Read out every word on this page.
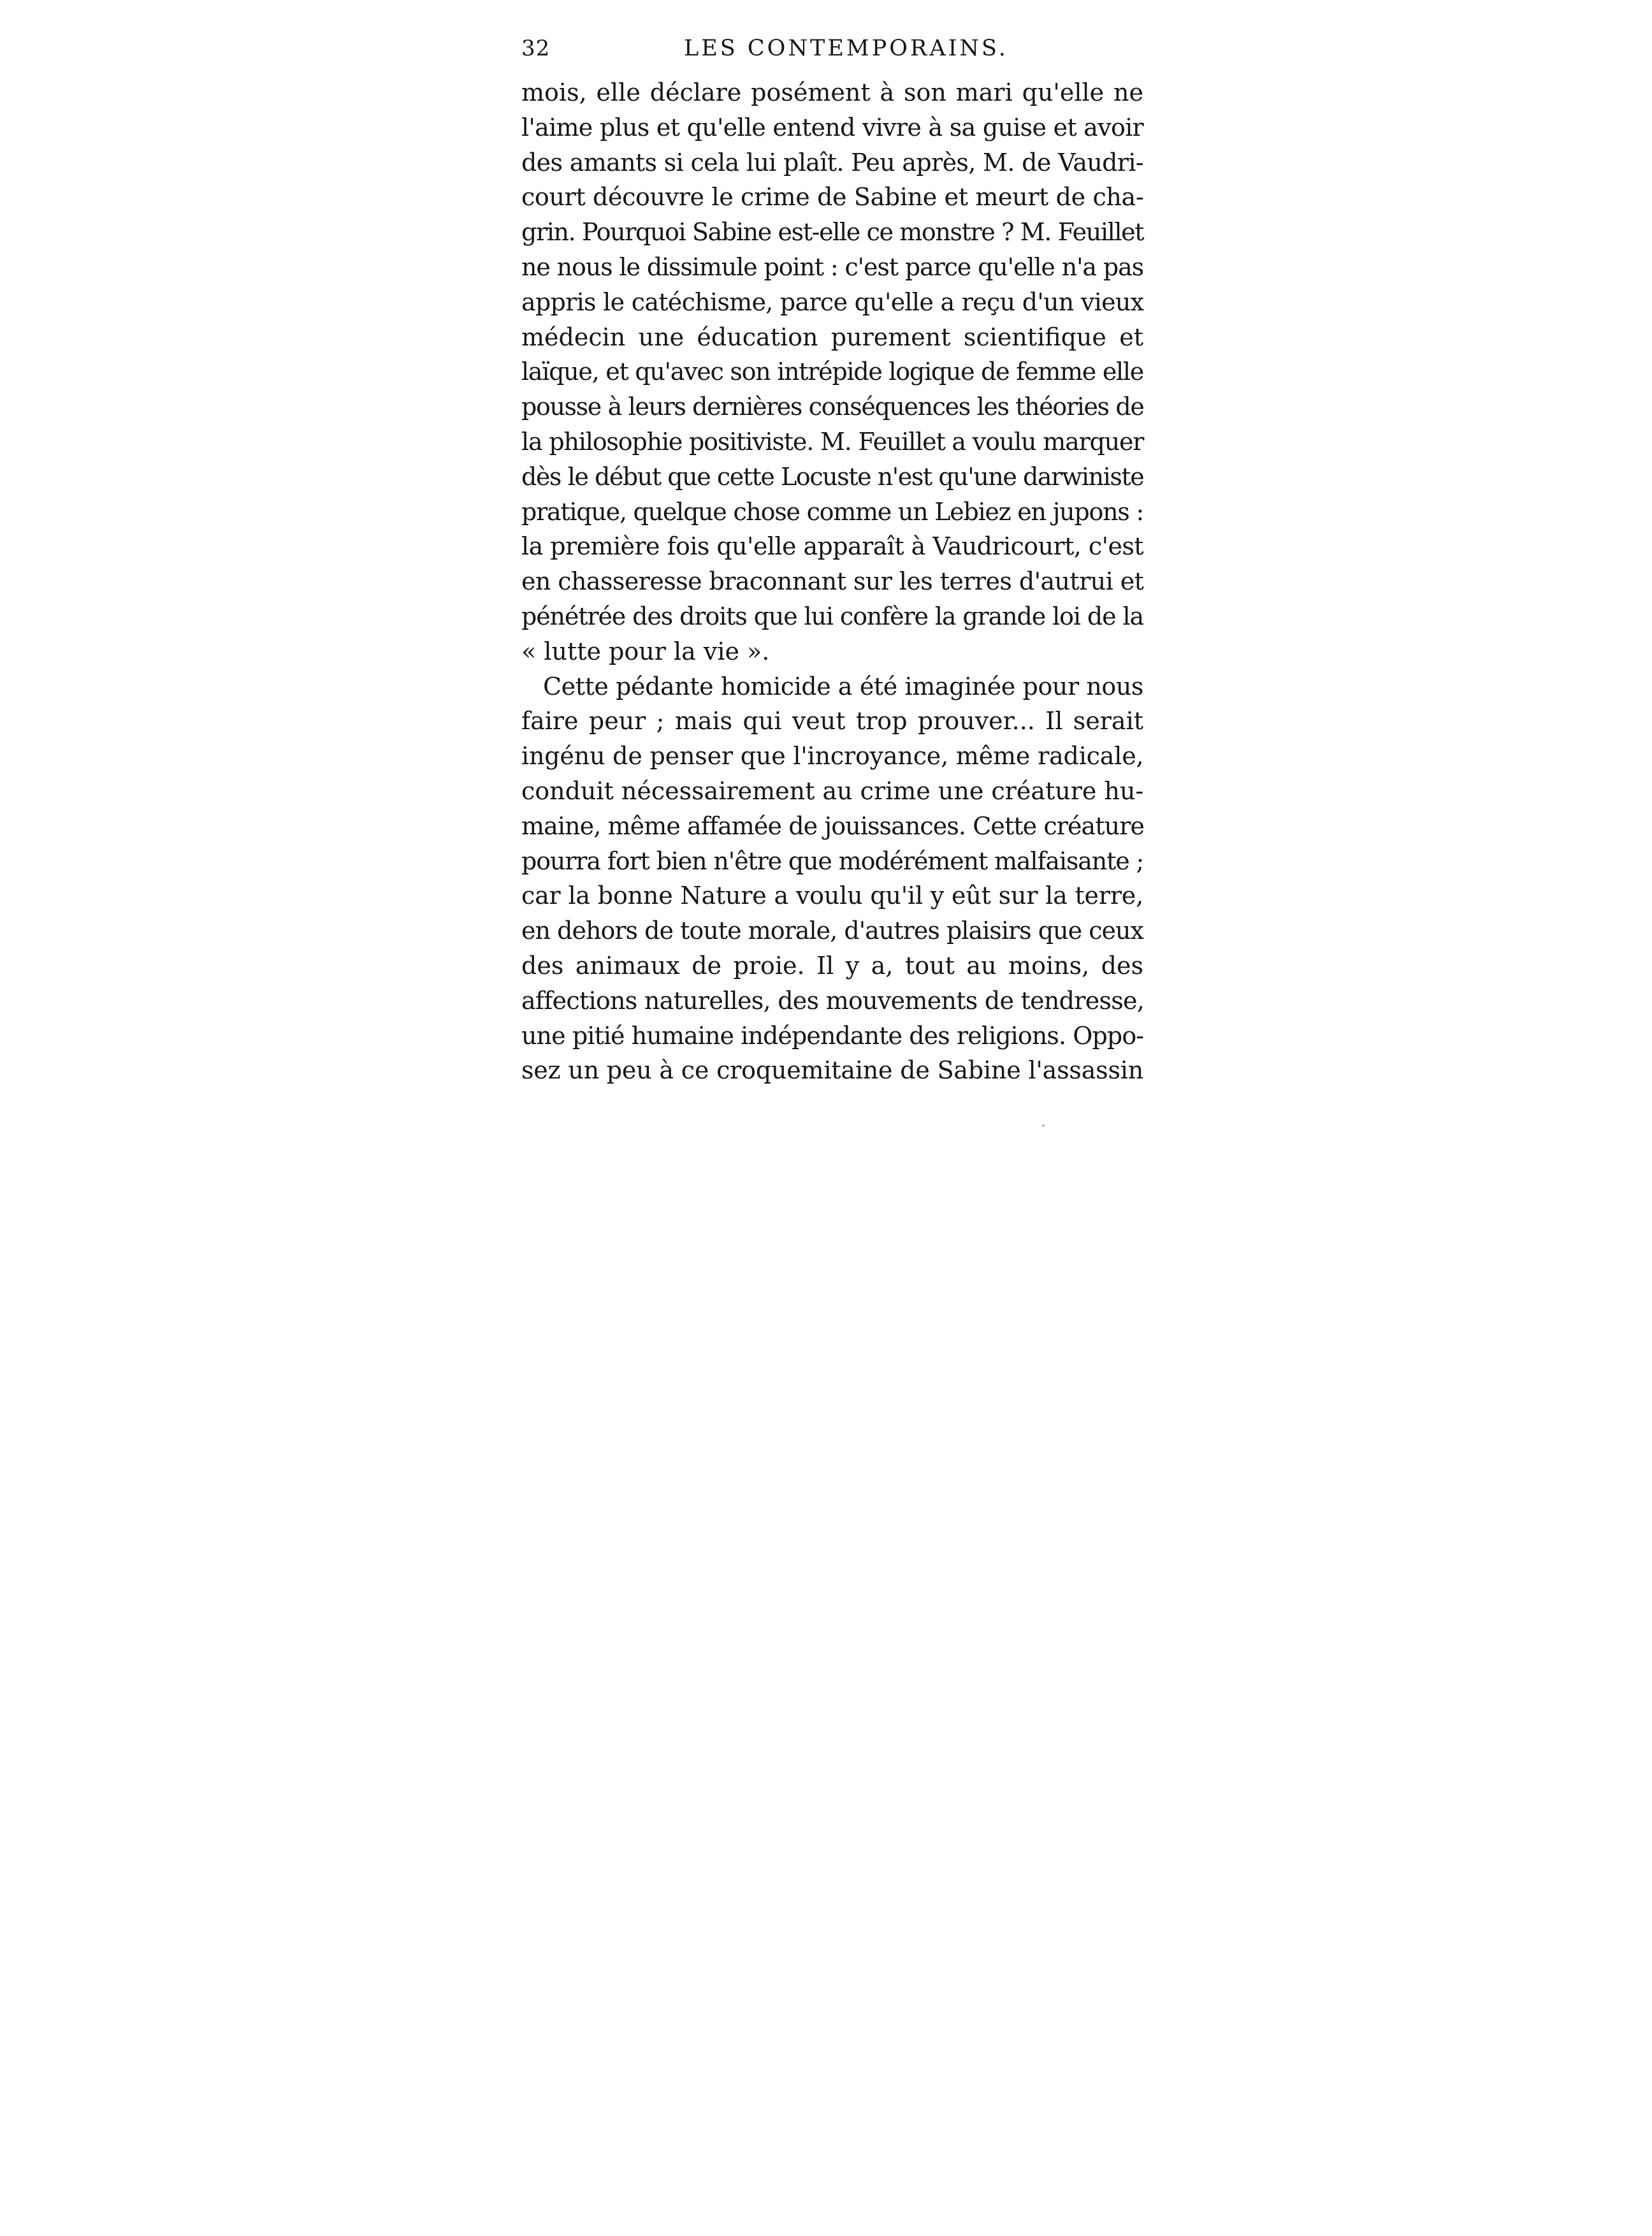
32	LES CONTEMPORAINS.
mois, elle déclare posément à son mari qu'elle ne
l'aime plus et qu'elle entend vivre à sa guise et avoir
des amants si cela lui plaît. Peu après, M. de Vaudri-
court découvre le crime de Sabine et meurt de cha-
grin. Pourquoi Sabine est-elle ce monstre ? M. Feuillet
ne nous le dissimule point : c'est parce qu'elle n'a pas
appris le catéchisme, parce qu'elle a reçu d'un vieux
médecin une éducation purement scientifique et
laïque, et qu'avec son intrépide logique de femme elle
pousse à leurs dernières conséquences les théories de
la philosophie positiviste. M. Feuillet a voulu marquer
dès le début que cette Locuste n'est qu'une darwiniste
pratique, quelque chose comme un Lebiez en jupons :
la première fois qu'elle apparaît à Vaudricourt, c'est
en chasseresse braconnant sur les terres d'autrui et
pénétrée des droits que lui confère la grande loi de la
« lutte pour la vie ».
Cette pédante homicide a été imaginée pour nous
faire peur ; mais qui veut trop prouver... Il serait
ingénu de penser que l'incroyance, même radicale,
conduit nécessairement au crime une créature hu-
maine, même affamée de jouissances. Cette créature
pourra fort bien n'être que modérément malfaisante ;
car la bonne Nature a voulu qu'il y eût sur la terre,
en dehors de toute morale, d'autres plaisirs que ceux
des animaux de proie. Il y a, tout au moins, des
affections naturelles, des mouvements de tendresse,
une pitié humaine indépendante des religions. Oppo-
sez un peu à ce croquemitaine de Sabine l'assassin
